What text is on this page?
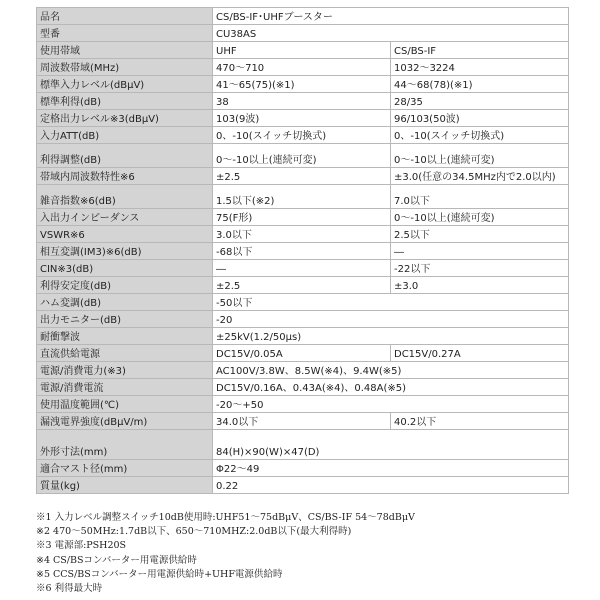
品名	CS/BS-IF･UHFブースター	
型番	CU38AS	
使用帯域	UHF	CS/BS-IF
周波数帯域(MHz)	470～710	1032～3224
標準入力レベル(dBμV)	41～65(75)(※1)	44～68(78)(※1)
標準利得(dB)	38	28/35
定格出力レベル※3(dBμV)	103(9波)	96/103(50波)
入力ATT(dB)	0、-10(スイッチ切換式)	0、-10(スイッチ切換式)
利得調整(dB)	0～-10以上(連続可変)	0～-10以上(連続可変)
帯域内周波数特性※6	±2.5	±3.0(任意の34.5MHz内で2.0以内)
雑音指数※6(dB)	1.5以下(※2)	7.0以下
入出力インピーダンス	75(F形)	0～-10以上(連続可変)
VSWR※6	3.0以下	2.5以下
相互変調(IM3)※6(dB)	-68以下	―
CIN※3(dB)	―	-22以下
利得安定度(dB)	±2.5	±3.0
ハム変調(dB)	-50以下	
出力モニター(dB)	-20	
耐衝撃波	±25kV(1.2/50μs)	
直流供給電源	DC15V/0.05A	DC15V/0.27A
電源/消費電力(※3)	AC100V/3.8W、8.5W(※4)、9.4W(※5)	
電源/消費電流	DC15V/0.16A、0.43A(※4)、0.48A(※5)	
使用温度範囲(℃)	-20～+50	
漏洩電界強度(dBμV/m)	34.0以下	40.2以下
外形寸法(mm)	84(H)×90(W)×47(D)	
適合マスト径(mm)	Φ22～49	
質量(kg)	0.22	
※1 入力レベル調整スイッチ10dB使用時:UHF51～75dBμV、CS/BS-IF 54～78dBμV
※2 470～50MHz:1.7dB以下、650～710MHZ:2.0dB以下(最大利得時)
※3 電源部:PSH20S
※4 CS/BSコンバーター用電源供給時
※5 CCS/BSコンバーター用電源供給時+UHF電源供給時
※6 利得最大時
